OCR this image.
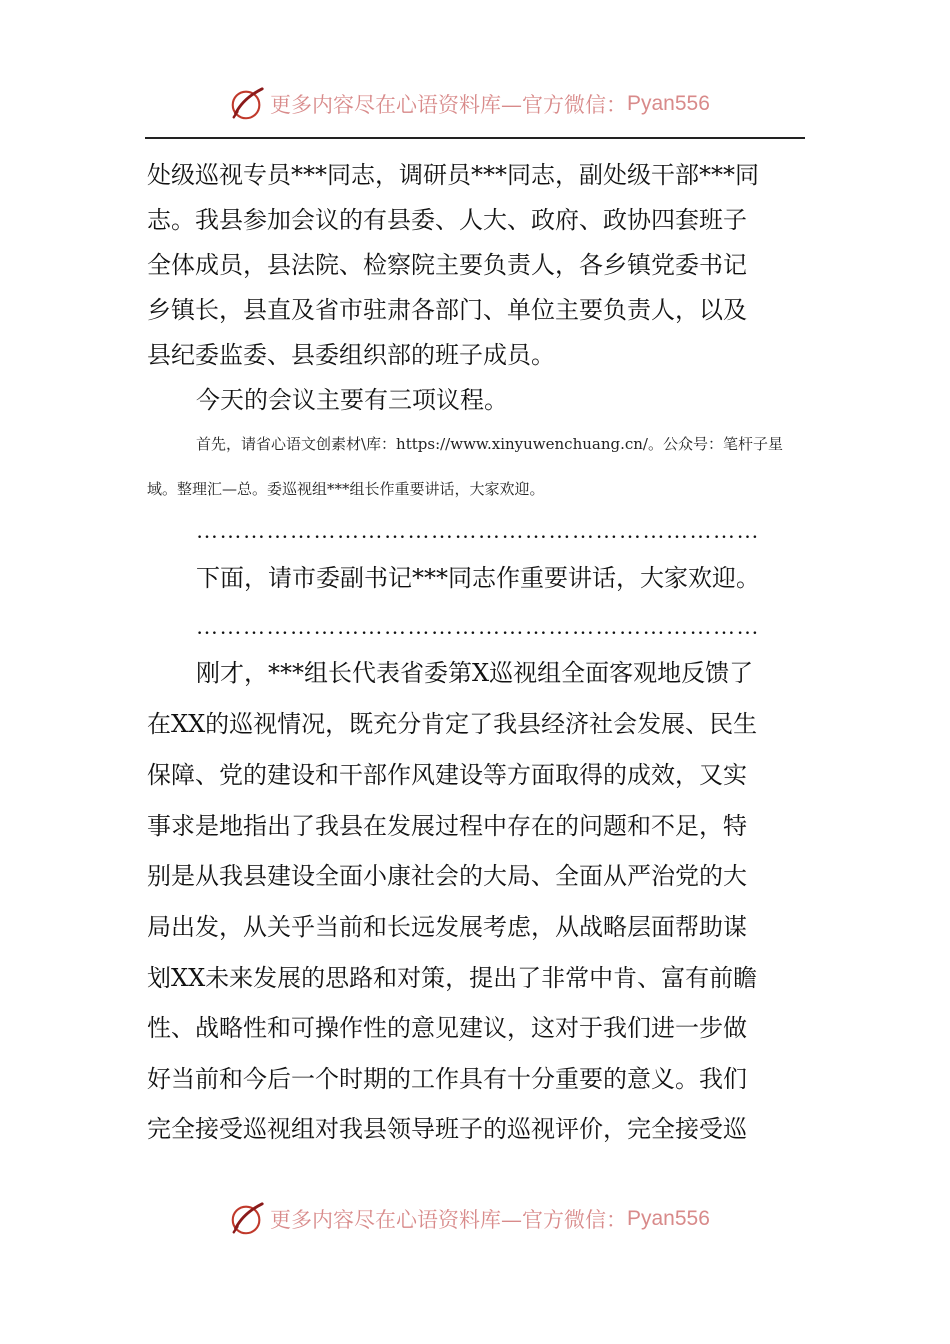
更多内容尽在心语资料库—官方微信： Pyan556
处级巡视专员***同志，调研员***同志，副处级干部***同
志。我县参加会议的有县委、人大、政府、政协四套班子
全体成员，县法院、检察院主要负责人，各乡镇党委书记
乡镇长，县直及省市驻肃各部门、单位主要负责人，以及
县纪委监委、县委组织部的班子成员。
今天的会议主要有三项议程。
首先，请省心语文创素材\库：https://www.xinyuwenchuang.cn/。公众号：笔杆子星
域。整理汇—总。委巡视组***组长作重要讲话，大家欢迎。
………………………………………………………………
下面，请市委副书记***同志作重要讲话，大家欢迎。
………………………………………………………………
刚才，***组长代表省委第X巡视组全面客观地反馈了
在XX的巡视情况，既充分肯定了我县经济社会发展、民生
保障、党的建设和干部作风建设等方面取得的成效，又实
事求是地指出了我县在发展过程中存在的问题和不足，特
别是从我县建设全面小康社会的大局、全面从严治党的大
局出发，从关乎当前和长远发展考虑，从战略层面帮助谋
划XX未来发展的思路和对策，提出了非常中肯、富有前瞻
性、战略性和可操作性的意见建议，这对于我们进一步做
好当前和今后一个时期的工作具有十分重要的意义。我们
完全接受巡视组对我县领导班子的巡视评价，完全接受巡
更多内容尽在心语资料库—官方微信： Pyan556
